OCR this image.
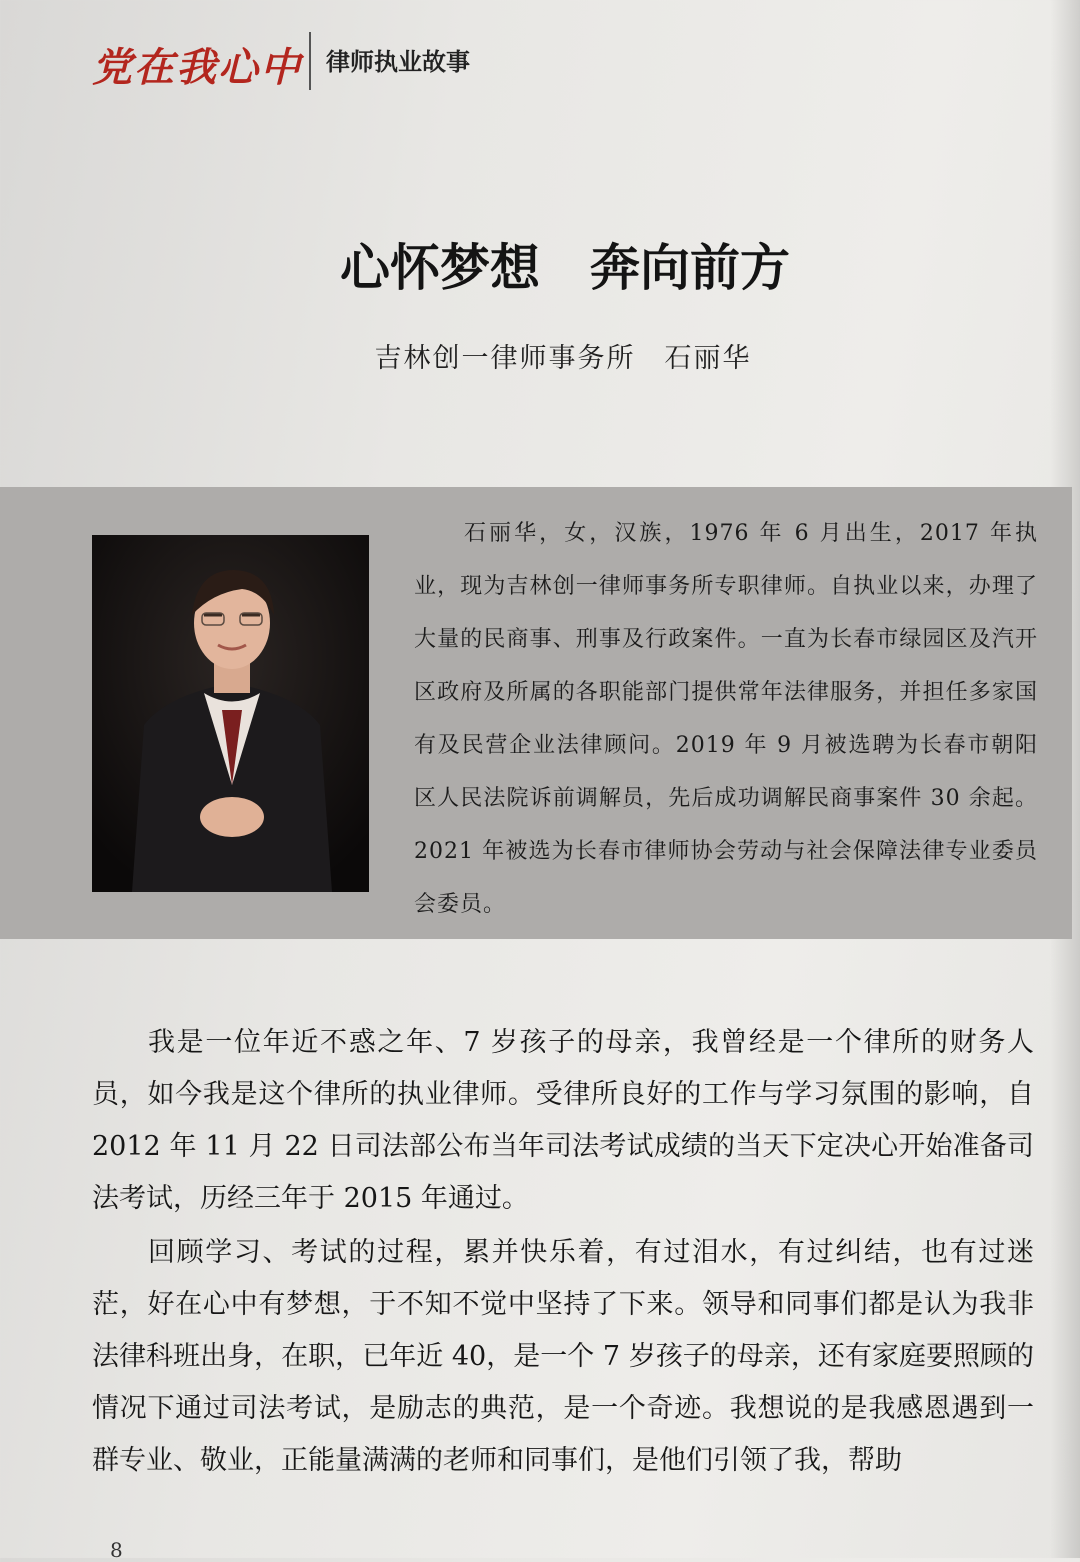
党在我心中 律师执业故事
心怀梦想　奔向前方
吉林创一律师事务所　石丽华
石丽华，女，汉族，1976 年 6 月出生，2017 年执业，现为吉林创一律师事务所专职律师。自执业以来，办理了大量的民商事、刑事及行政案件。一直为长春市绿园区及汽开区政府及所属的各职能部门提供常年法律服务，并担任多家国有及民营企业法律顾问。2019 年 9 月被选聘为长春市朝阳区人民法院诉前调解员，先后成功调解民商事案件 30 余起。2021 年被选为长春市律师协会劳动与社会保障法律专业委员会委员。

我是一位年近不惑之年、7 岁孩子的母亲，我曾经是一个律所的财务人员，如今我是这个律所的执业律师。受律所良好的工作与学习氛围的影响，自 2012 年 11 月 22 日司法部公布当年司法考试成绩的当天下定决心开始准备司法考试，历经三年于 2015 年通过。

回顾学习、考试的过程，累并快乐着，有过泪水，有过纠结，也有过迷茫，好在心中有梦想，于不知不觉中坚持了下来。领导和同事们都是认为我非法律科班出身，在职，已年近 40，是一个 7 岁孩子的母亲，还有家庭要照顾的情况下通过司法考试，是励志的典范，是一个奇迹。我想说的是我感恩遇到一群专业、敬业，正能量满满的老师和同事们，是他们引领了我，帮助

8
